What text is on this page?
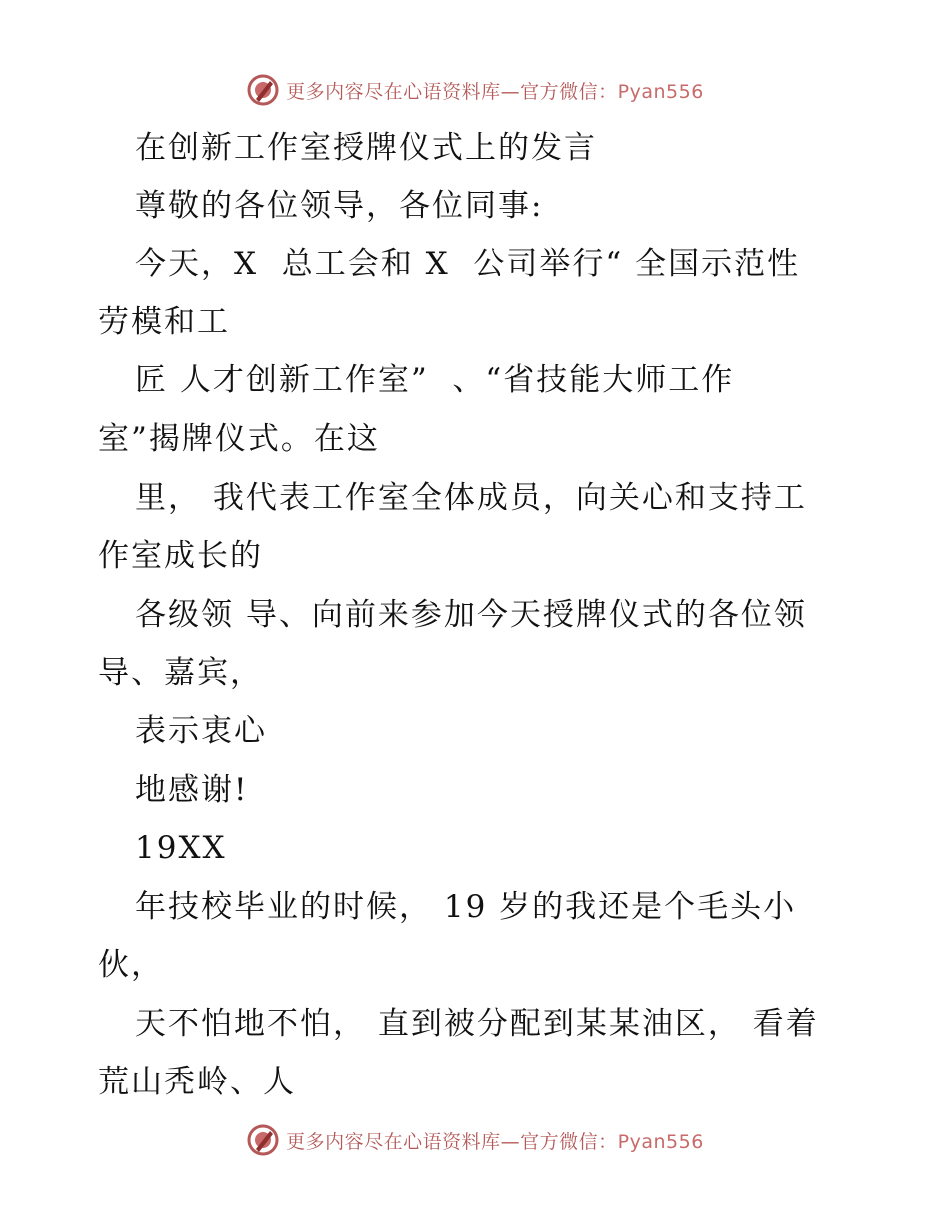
更多内容尽在心语资料库—官方微信：Pyan556
在创新工作室授牌仪式上的发言
尊敬的各位领导，各位同事:
今天，X  总工会和 X  公司举行“ 全国示范性
劳模和工
匠 人才创新工作室”  、“省技能大师工作
室”揭牌仪式。在这
里， 我代表工作室全体成员，向关心和支持工
作室成长的
各级领 导、向前来参加今天授牌仪式的各位领
导、嘉宾，
表示衷心
地感谢!
19XX
年技校毕业的时候， 19 岁的我还是个毛头小
伙，
天不怕地不怕， 直到被分配到某某油区， 看着
荒山秃岭、人
更多内容尽在心语资料库—官方微信：Pyan556
